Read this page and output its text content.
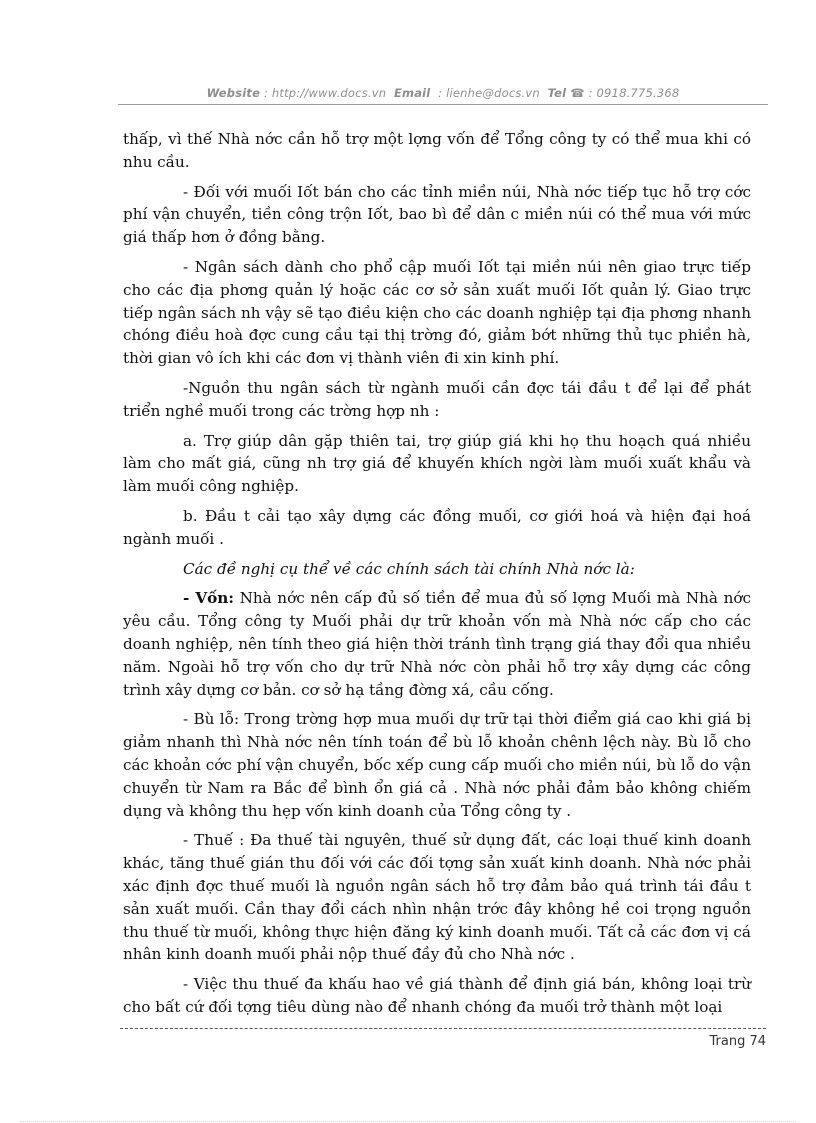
Website : http://www.docs.vn Email : lienhe@docs.vn Tel ☎ : 0918.775.368

thấp, vì thế Nhà nớc cần hỗ trợ một lợng vốn để Tổng công ty có thể mua khi có nhu cầu.

- Đối với muối Iốt bán cho các tỉnh miền núi, Nhà nớc tiếp tục hỗ trợ cớc phí vận chuyển, tiền công trộn Iốt, bao bì để dân c miền núi có thể mua với mức giá thấp hơn ở đồng bằng.

- Ngân sách dành cho phổ cập muối Iốt tại miền núi nên giao trực tiếp cho các địa phơng quản lý hoặc các cơ sở sản xuất muối Iốt quản lý. Giao trực tiếp ngân sách nh vậy sẽ tạo điều kiện cho các doanh nghiệp tại địa phơng nhanh chóng điều hoà đợc cung cầu tại thị trờng đó, giảm bớt những thủ tục phiền hà, thời gian vô ích khi các đơn vị thành viên đi xin kinh phí.

-Nguồn thu ngân sách từ ngành muối cần đợc tái đầu t để lại để phát triển nghề muối trong các trờng hợp nh :

a. Trợ giúp dân gặp thiên tai, trợ giúp giá khi họ thu hoạch quá nhiều làm cho mất giá, cũng nh trợ giá để khuyến khích ngời làm muối xuất khẩu và làm muối công nghiệp.

b. Đầu t cải tạo xây dựng các đồng muối, cơ giới hoá và hiện đại hoá ngành muối .

Các đề nghị cụ thể về các chính sách tài chính Nhà nớc là:

- Vốn: Nhà nớc nên cấp đủ số tiền để mua đủ số lợng Muối mà Nhà nớc yêu cầu. Tổng công ty Muối phải dự trữ khoản vốn mà Nhà nớc cấp cho các doanh nghiệp, nên tính theo giá hiện thời tránh tình trạng giá thay đổi qua nhiều năm. Ngoài hỗ trợ vốn cho dự trữ Nhà nớc còn phải hỗ trợ xây dựng các công trình xây dựng cơ bản. cơ sở hạ tầng đờng xá, cầu cống.

- Bù lỗ: Trong trờng hợp mua muối dự trữ tại thời điểm giá cao khi giá bị giảm nhanh thì Nhà nớc nên tính toán để bù lỗ khoản chênh lệch này. Bù lỗ cho các khoản cớc phí vận chuyển, bốc xếp cung cấp muối cho miền núi, bù lỗ do vận chuyển từ Nam ra Bắc để bình ổn giá cả . Nhà nớc phải đảm bảo không chiếm dụng và không thu hẹp vốn kinh doanh của Tổng công ty .

- Thuế : Đa thuế tài nguyên, thuế sử dụng đất, các loại thuế kinh doanh khác, tăng thuế gián thu đối với các đối tợng sản xuất kinh doanh. Nhà nớc phải xác định đợc thuế muối là nguồn ngân sách hỗ trợ đảm bảo quá trình tái đầu t sản xuất muối. Cần thay đổi cách nhìn nhận trớc đây không hề coi trọng nguồn thu thuế từ muối, không thực hiện đăng ký kinh doanh muối. Tất cả các đơn vị cá nhân kinh doanh muối phải nộp thuế đầy đủ cho Nhà nớc .

- Việc thu thuế đa khấu hao về giá thành để định giá bán, không loại trừ cho bất cứ đối tợng tiêu dùng nào để nhanh chóng đa muối trở thành một loại

Trang 74
